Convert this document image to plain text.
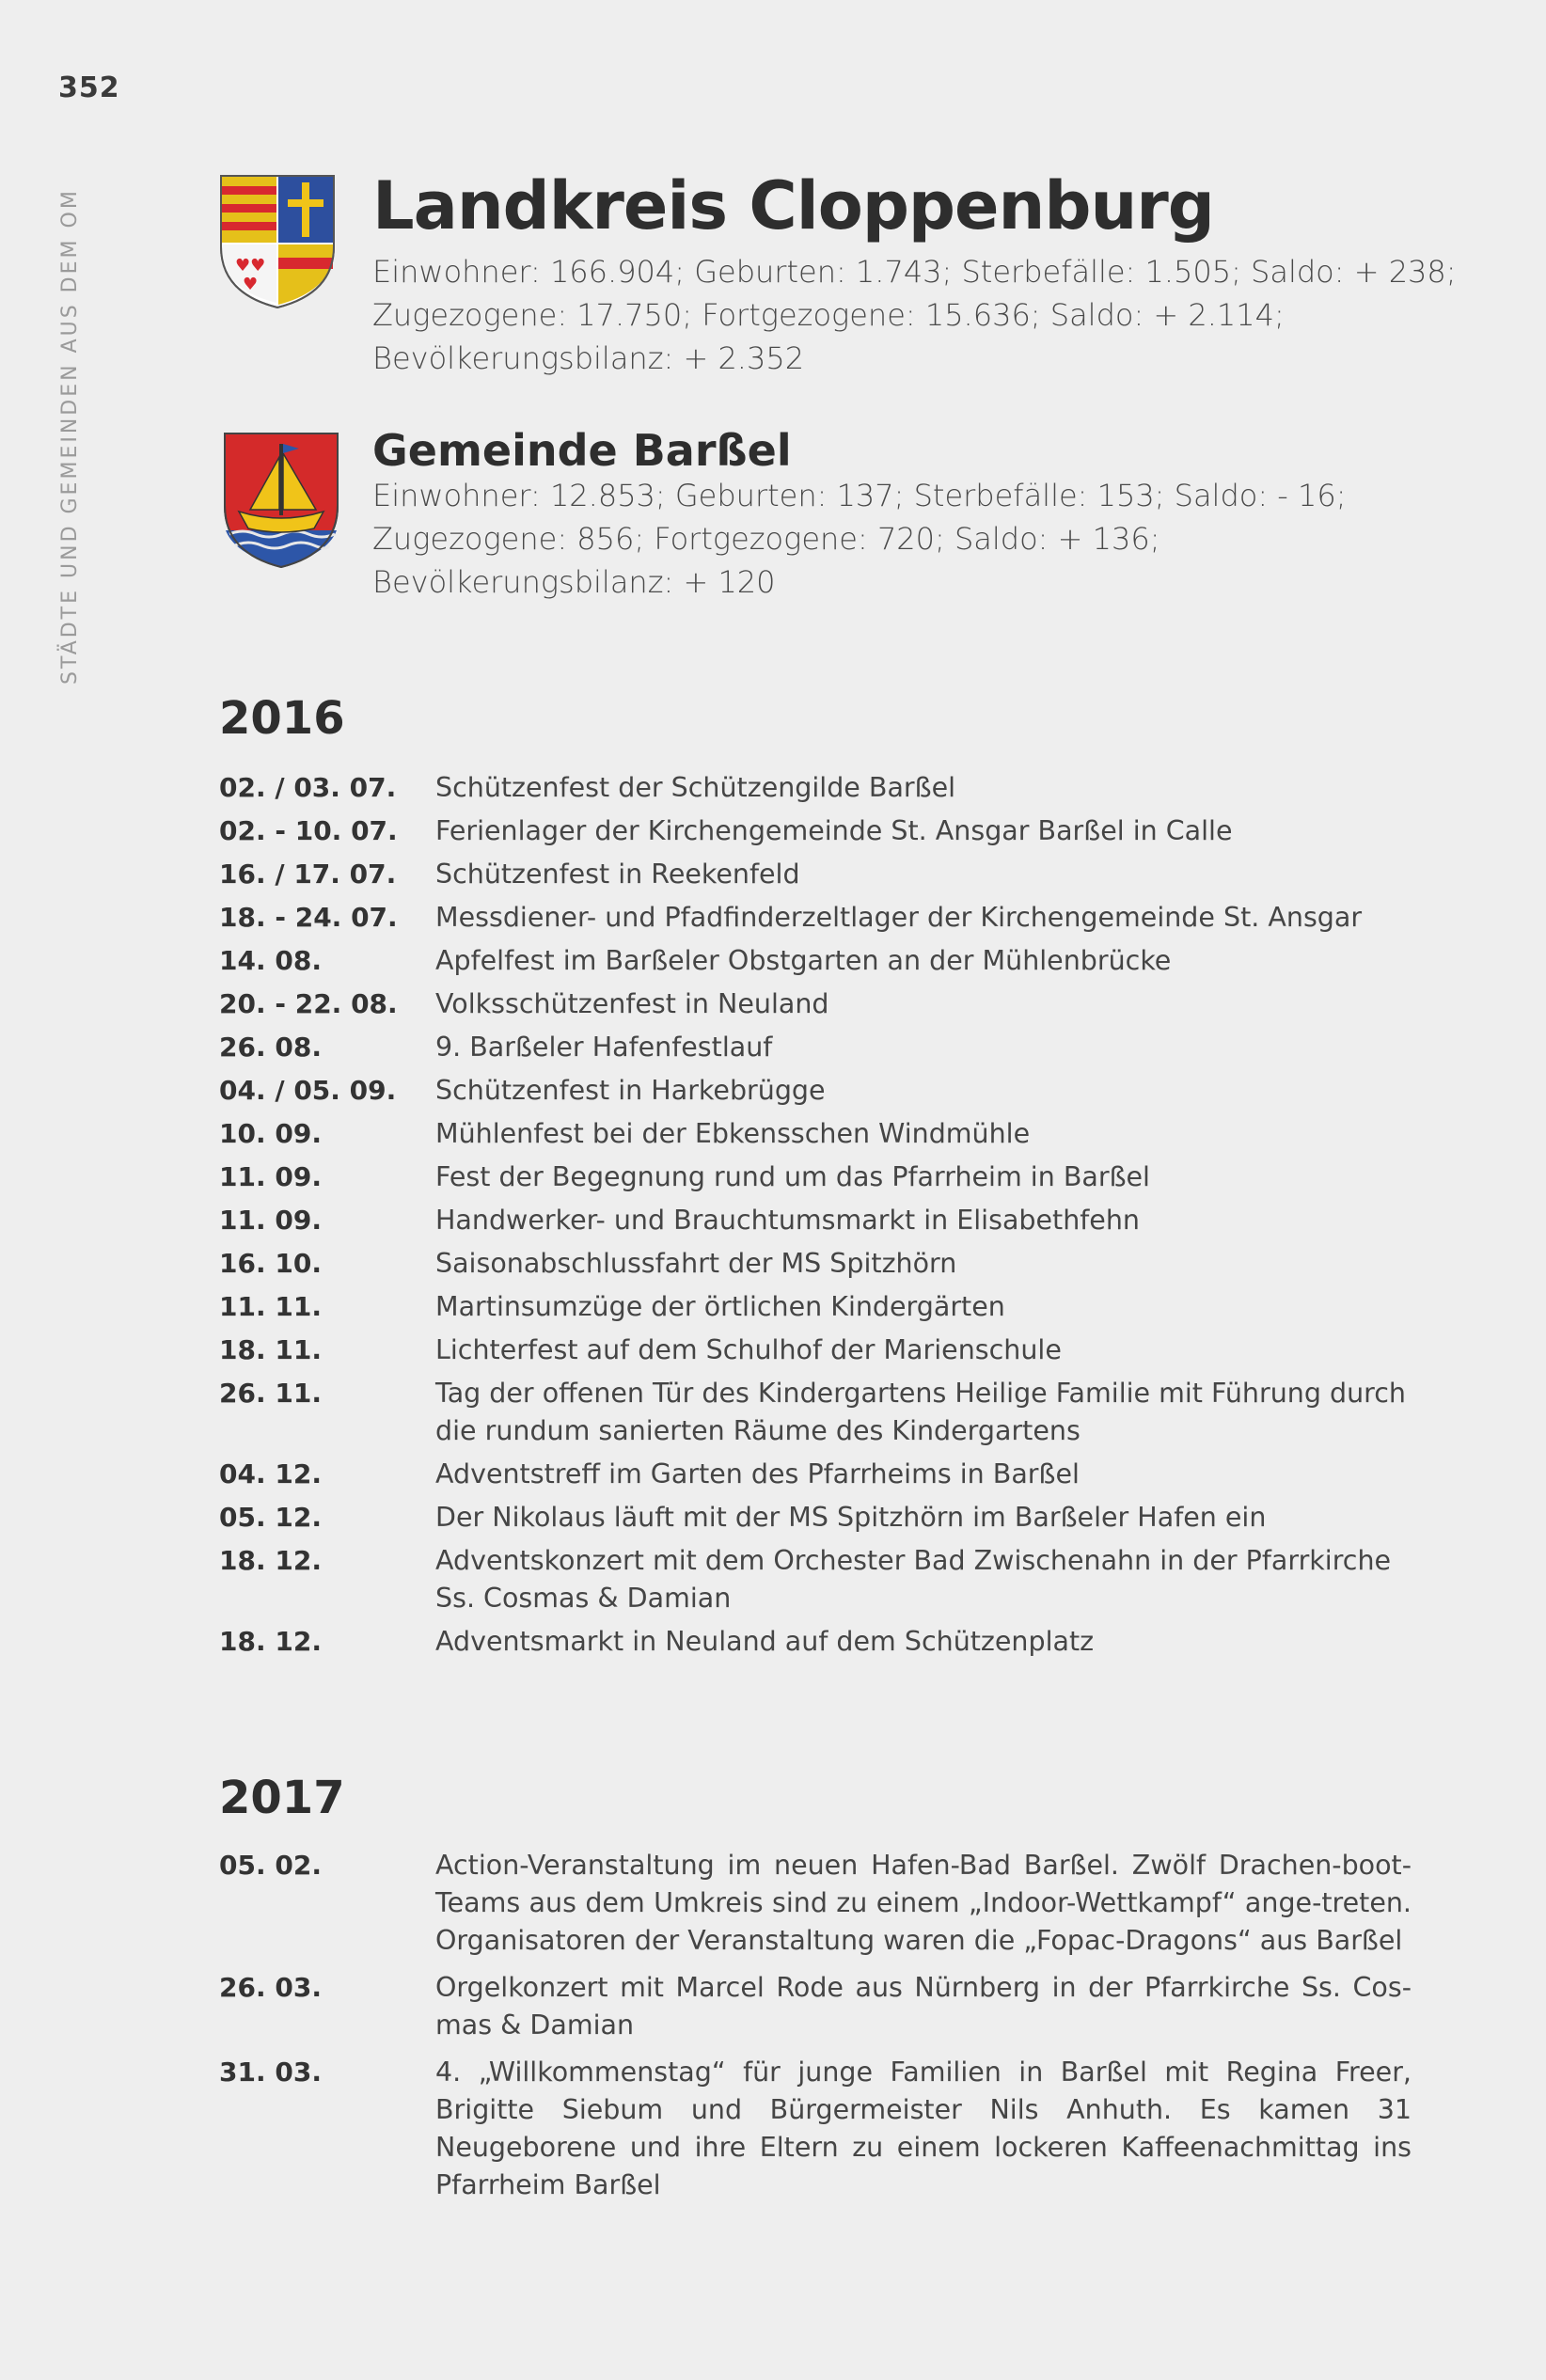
352
STÄDTE UND GEMEINDEN AUS DEM OM	♥♥
♥
Landkreis Cloppenburg
Einwohner: 166.904; Geburten: 1.743; Sterbefälle: 1.505; Saldo: + 238;
Zugezogene: 17.750; Fortgezogene: 15.636; Saldo: + 2.114;
Bevölkerungsbilanz: + 2.352
Gemeinde Barßel
Einwohner: 12.853; Geburten: 137; Sterbefälle: 153; Saldo: - 16;
Zugezogene: 856; Fortgezogene: 720; Saldo: + 136;
Bevölkerungsbilanz: + 120
2016
02. / 03. 07.	Schützenfest der Schützengilde Barßel
02. - 10. 07.	Ferienlager der Kirchengemeinde St. Ansgar Barßel in Calle
16. / 17. 07.	Schützenfest in Reekenfeld
18. - 24. 07.	Messdiener- und Pfadfinderzeltlager der Kirchengemeinde St. Ansgar
14. 08.	Apfelfest im Barßeler Obstgarten an der Mühlenbrücke
20. - 22. 08.	Volksschützenfest in Neuland
26. 08.	9. Barßeler Hafenfestlauf
04. / 05. 09.	Schützenfest in Harkebrügge
10. 09.	Mühlenfest bei der Ebkensschen Windmühle
11. 09.	Fest der Begegnung rund um das Pfarrheim in Barßel
11. 09.	Handwerker- und Brauchtumsmarkt in Elisabethfehn
16. 10.	Saisonabschlussfahrt der MS Spitzhörn
11. 11.	Martinsumzüge der örtlichen Kindergärten
18. 11.	Lichterfest auf dem Schulhof der Marienschule
26. 11.	Tag der offenen Tür des Kindergartens Heilige Familie mit Führung durch die rundum sanierten Räume des Kindergartens
04. 12.	Adventstreff im Garten des Pfarrheims in Barßel
05. 12.	Der Nikolaus läuft mit der MS Spitzhörn im Barßeler Hafen ein
18. 12.	Adventskonzert mit dem Orchester Bad Zwischenahn in der Pfarrkirche Ss. Cosmas & Damian
18. 12.	Adventsmarkt in Neuland auf dem Schützenplatz
2017
05. 02.	Action-Veranstaltung im neuen Hafen-Bad Barßel. Zwölf Drachen-boot-Teams aus dem Umkreis sind zu einem „Indoor-Wettkampf“ ange-treten. Organisatoren der Veranstaltung waren die „Fopac-Dragons“ aus Barßel
26. 03.	Orgelkonzert mit Marcel Rode aus Nürnberg in der Pfarrkirche Ss. Cos-mas & Damian
31. 03.	4. „Willkommenstag“ für junge Familien in Barßel mit Regina Freer, Brigitte Siebum und Bürgermeister Nils Anhuth. Es kamen 31 Neugeborene und ihre Eltern zu einem lockeren Kaffeenachmittag ins Pfarrheim Barßel
